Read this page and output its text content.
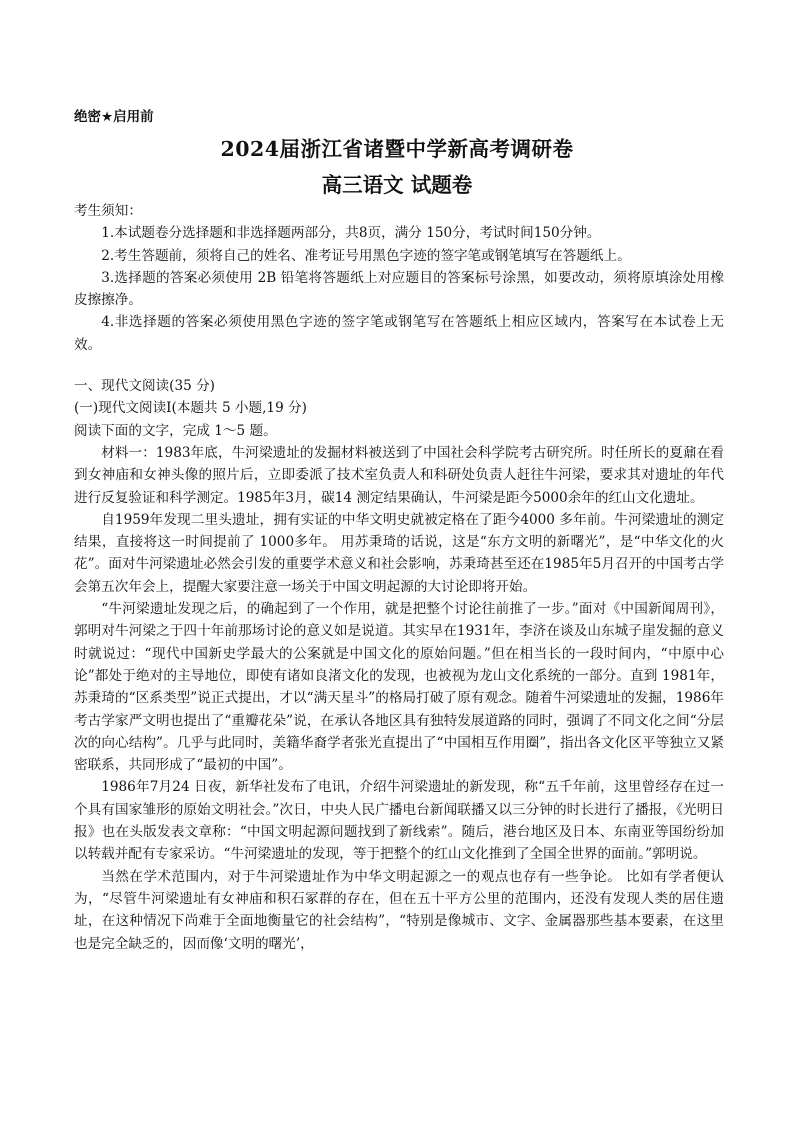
绝密★启用前
2024届浙江省诸暨中学新高考调研卷
高三语文 试题卷

考生须知：

1.本试题卷分选择题和非选择题两部分，共8页，满分 150分，考试时间150分钟。

2.考生答题前，须将自己的姓名、准考证号用黑色字迹的签字笔或钢笔填写在答题纸上。

3.选择题的答案必须使用 2B 铅笔将答题纸上对应题目的答案标号涂黑，如要改动，须将原填涂处用橡皮擦擦净。

4.非选择题的答案必须使用黑色字迹的签字笔或钢笔写在答题纸上相应区域内，答案写在本试卷上无效。

一、现代文阅读(35 分)

(一)现代文阅读Ⅰ(本题共 5 小题,19 分)

阅读下面的文字，完成 1～5 题。

材料一：1983年底，牛河梁遗址的发掘材料被送到了中国社会科学院考古研究所。时任所长的夏鼐在看到女神庙和女神头像的照片后，立即委派了技术室负责人和科研处负责人赶往牛河梁，要求其对遗址的年代进行反复验证和科学测定。1985年3月，碳14 测定结果确认，牛河梁是距今5000余年的红山文化遗址。

自1959年发现二里头遗址，拥有实证的中华文明史就被定格在了距今4000 多年前。牛河梁遗址的测定结果，直接将这一时间提前了 1000多年。 用苏秉琦的话说，这是“东方文明的新曙光”，是“中华文化的火花”。面对牛河梁遗址必然会引发的重要学术意义和社会影响，苏秉琦甚至还在1985年5月召开的中国考古学会第五次年会上，提醒大家要注意一场关于中国文明起源的大讨论即将开始。

“牛河梁遗址发现之后，的确起到了一个作用，就是把整个讨论往前推了一步。”面对《中国新闻周刊》，郭明对牛河梁之于四十年前那场讨论的意义如是说道。其实早在1931年，李济在谈及山东城子崖发掘的意义时就说过：“现代中国新史学最大的公案就是中国文化的原始问题。”但在相当长的一段时间内，“中原中心论”都处于绝对的主导地位，即使有诸如良渚文化的发现，也被视为龙山文化系统的一部分。直到 1981年，苏秉琦的“区系类型”说正式提出，才以“满天星斗”的格局打破了原有观念。随着牛河梁遗址的发掘，1986年考古学家严文明也提出了“重瓣花朵”说，在承认各地区具有独特发展道路的同时，强调了不同文化之间“分层次的向心结构”。几乎与此同时，美籍华裔学者张光直提出了“中国相互作用圈”，指出各文化区平等独立又紧密联系，共同形成了“最初的中国”。

1986年7月24 日夜，新华社发布了电讯，介绍牛河梁遗址的新发现，称“五千年前，这里曾经存在过一个具有国家雏形的原始文明社会。”次日，中央人民广播电台新闻联播又以三分钟的时长进行了播报，《光明日报》也在头版发表文章称：“中国文明起源问题找到了新线索”。随后，港台地区及日本、东南亚等国纷纷加以转载并配有专家采访。“牛河梁遗址的发现，等于把整个的红山文化推到了全国全世界的面前。”郭明说。

当然在学术范围内，对于牛河梁遗址作为中华文明起源之一的观点也存有一些争论。 比如有学者便认为，“尽管牛河梁遗址有女神庙和积石冢群的存在，但在五十平方公里的范围内，还没有发现人类的居住遗址，在这种情况下尚难于全面地衡量它的社会结构”，“特别是像城市、文字、金属器那些基本要素，在这里也是完全缺乏的，因而像‘文明的曙光’，
